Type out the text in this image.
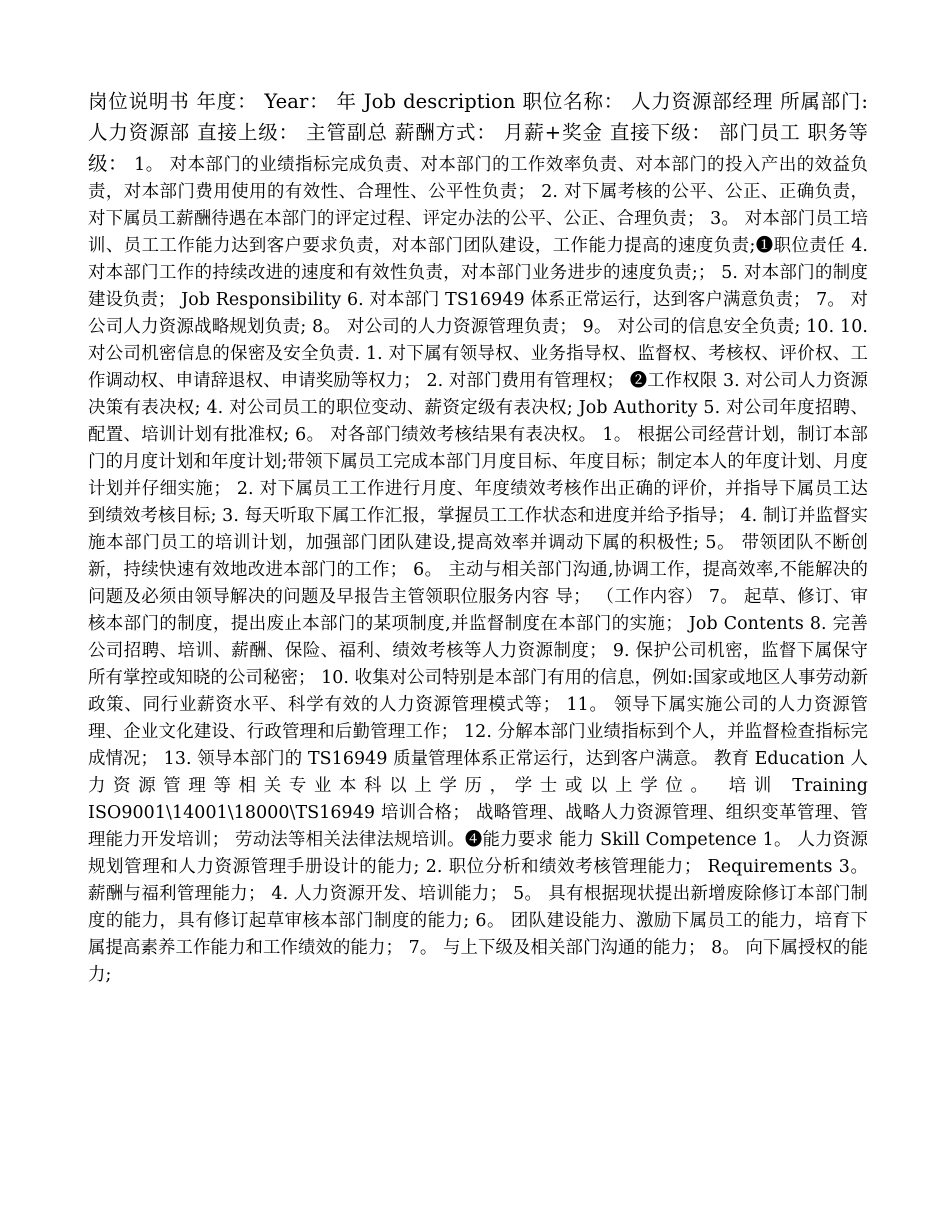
岗位说明书 年度： Year： 年 Job description 职位名称： 人力资源部经理 所属部门: 人力资源部 直接上级： 主管副总 薪酬方式： 月薪+奖金 直接下级： 部门员工 职务等级： 1。 对本部门的业绩指标完成负责、对本部门的工作效率负责、对本部门的投入产出的效益负责，对本部门费用使用的有效性、合理性、公平性负责； 2. 对下属考核的公平、公正、正确负责，对下属员工薪酬待遇在本部门的评定过程、评定办法的公平、公正、合理负责； 3。 对本部门员工培训、员工工作能力达到客户要求负责，对本部门团队建设，工作能力提高的速度负责;❶职位责任 4. 对本部门工作的持续改进的速度和有效性负责，对本部门业务进步的速度负责;； 5. 对本部门的制度建设负责； Job Responsibility 6. 对本部门 TS16949 体系正常运行，达到客户满意负责； 7。 对公司人力资源战略规划负责; 8。 对公司的人力资源管理负责； 9。 对公司的信息安全负责; 10. 10.对公司机密信息的保密及安全负责. 1. 对下属有领导权、业务指导权、监督权、考核权、评价权、工作调动权、申请辞退权、申请奖励等权力； 2. 对部门费用有管理权； ❷工作权限 3. 对公司人力资源决策有表决权; 4. 对公司员工的职位变动、薪资定级有表决权; Job Authority 5. 对公司年度招聘、配置、培训计划有批准权; 6。 对各部门绩效考核结果有表决权。 1。 根据公司经营计划，制订本部门的月度计划和年度计划;带领下属员工完成本部门月度目标、年度目标；制定本人的年度计划、月度计划并仔细实施； 2. 对下属员工工作进行月度、年度绩效考核作出正确的评价，并指导下属员工达到绩效考核目标; 3. 每天听取下属工作汇报，掌握员工工作状态和进度并给予指导； 4. 制订并监督实施本部门员工的培训计划，加强部门团队建设,提高效率并调动下属的积极性; 5。 带领团队不断创新，持续快速有效地改进本部门的工作； 6。 主动与相关部门沟通,协调工作，提高效率,不能解决的问题及必须由领导解决的问题及早报告主管领职位服务内容 导； （工作内容） 7。 起草、修订、审核本部门的制度，提出废止本部门的某项制度,并监督制度在本部门的实施； Job Contents 8. 完善公司招聘、培训、薪酬、保险、福利、绩效考核等人力资源制度； 9. 保护公司机密，监督下属保守所有掌控或知晓的公司秘密； 10. 收集对公司特别是本部门有用的信息，例如:国家或地区人事劳动新政策、同行业薪资水平、科学有效的人力资源管理模式等； 11。 领导下属实施公司的人力资源管理、企业文化建设、行政管理和后勤管理工作； 12. 分解本部门业绩指标到个人，并监督检查指标完成情况； 13. 领导本部门的 TS16949 质量管理体系正常运行，达到客户满意。 教育 Education 人力资源管理等相关专业本科以上学历，学士或以上学位。 培训 Training ISO9001\14001\18000\TS16949 培训合格； 战略管理、战略人力资源管理、组织变革管理、管理能力开发培训； 劳动法等相关法律法规培训。❹能力要求 能力 Skill Competence 1。 人力资源规划管理和人力资源管理手册设计的能力; 2. 职位分析和绩效考核管理能力； Requirements 3。 薪酬与福利管理能力； 4. 人力资源开发、培训能力； 5。 具有根据现状提出新增废除修订本部门制度的能力，具有修订起草审核本部门制度的能力; 6。 团队建设能力、激励下属员工的能力，培育下属提高素养工作能力和工作绩效的能力； 7。 与上下级及相关部门沟通的能力； 8。 向下属授权的能力;
